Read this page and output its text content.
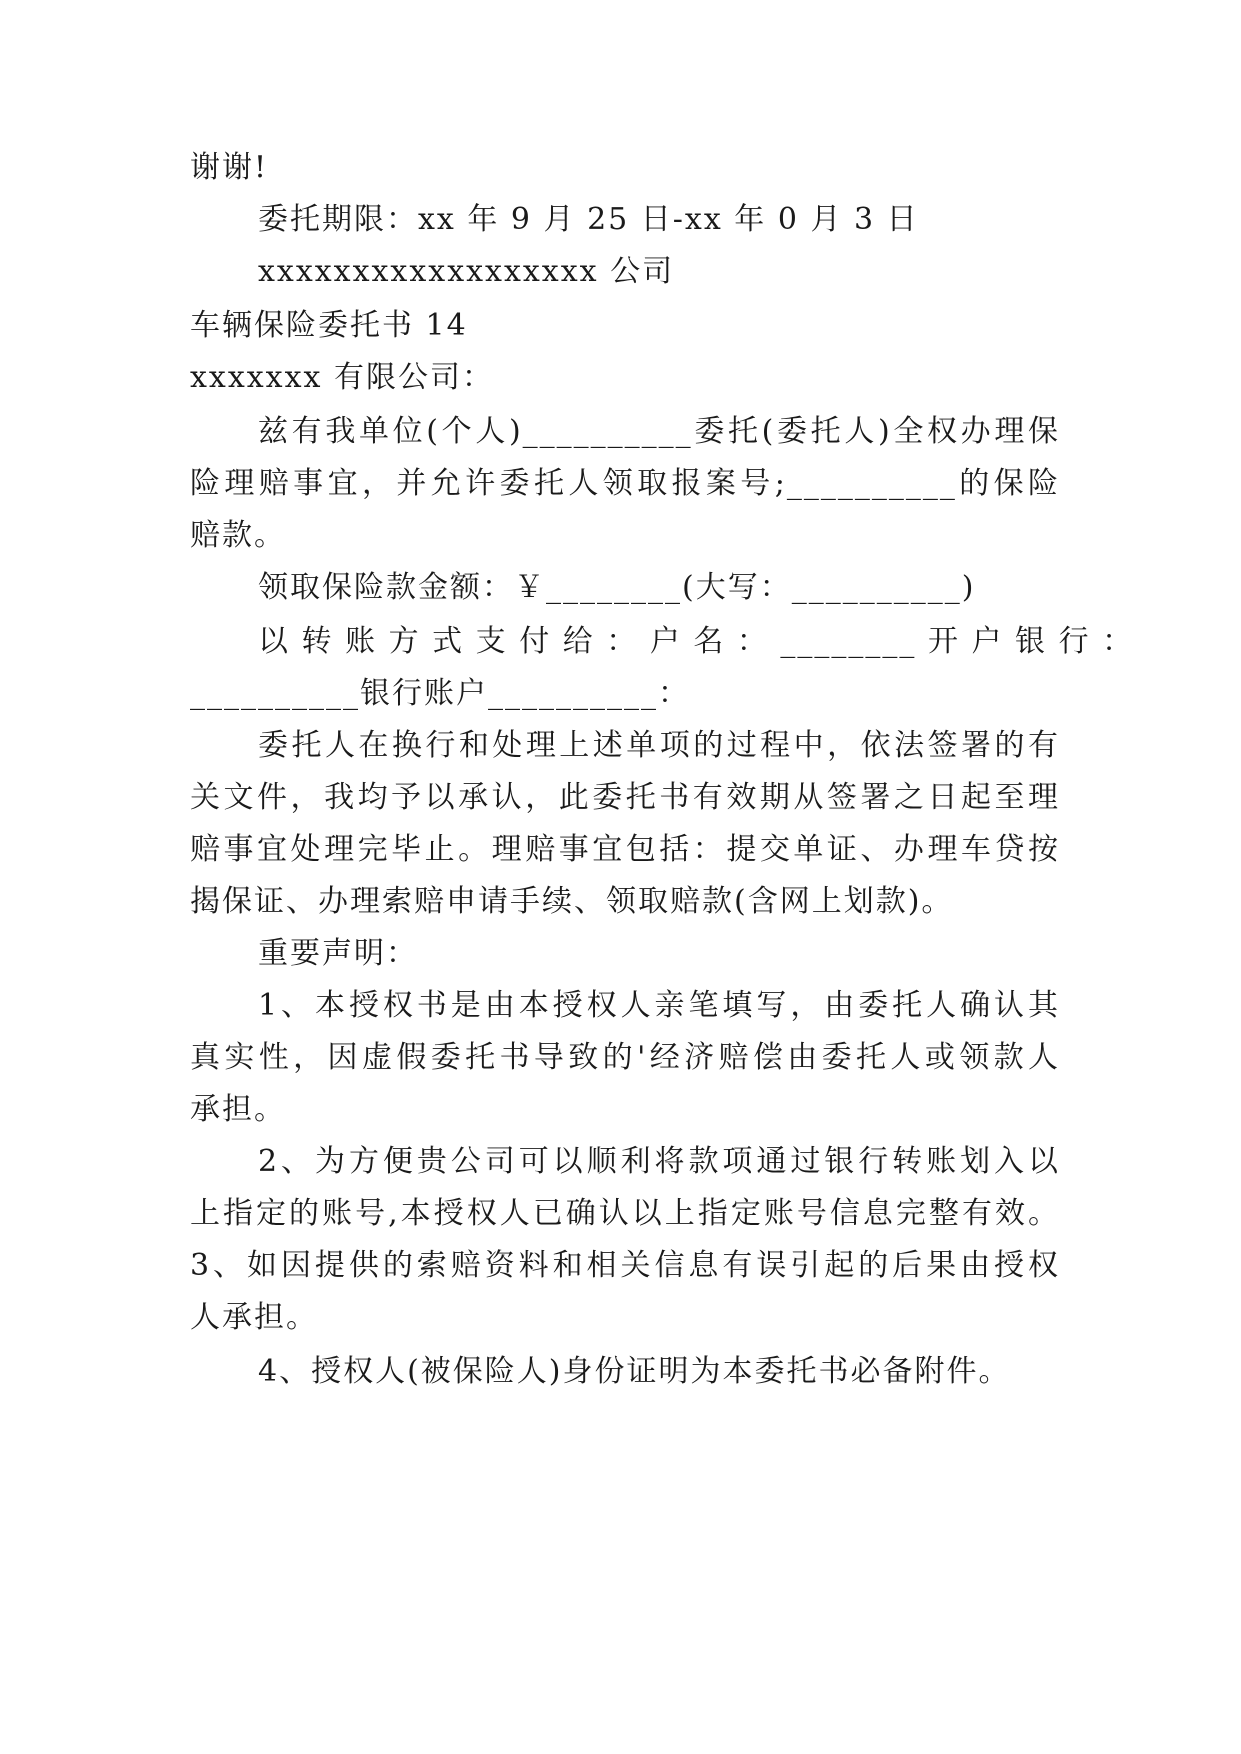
谢谢!
委托期限：xx 年 9 月 25 日-xx 年 0 月 3 日
xxxxxxxxxxxxxxxxxx 公司
车辆保险委托书 14
xxxxxxx 有限公司：
兹有我单位(个人)__________委托(委托人)全权办理保
险理赔事宜，并允许委托人领取报案号;__________的保险
赔款。
领取保险款金额：￥________(大写：__________)
以 转 账 方 式 支 付 给 ： 户 名 ： ________ 开 户 银 行 ：
__________银行账户__________：
委托人在换行和处理上述单项的过程中，依法签署的有
关文件，我均予以承认，此委托书有效期从签署之日起至理
赔事宜处理完毕止。理赔事宜包括：提交单证、办理车贷按
揭保证、办理索赔申请手续、领取赔款(含网上划款)。
重要声明：
1、本授权书是由本授权人亲笔填写，由委托人确认其
真实性，因虚假委托书导致的'经济赔偿由委托人或领款人
承担。
2、为方便贵公司可以顺利将款项通过银行转账划入以
上指定的账号,本授权人已确认以上指定账号信息完整有效。
3、如因提供的索赔资料和相关信息有误引起的后果由授权
人承担。
4、授权人(被保险人)身份证明为本委托书必备附件。
